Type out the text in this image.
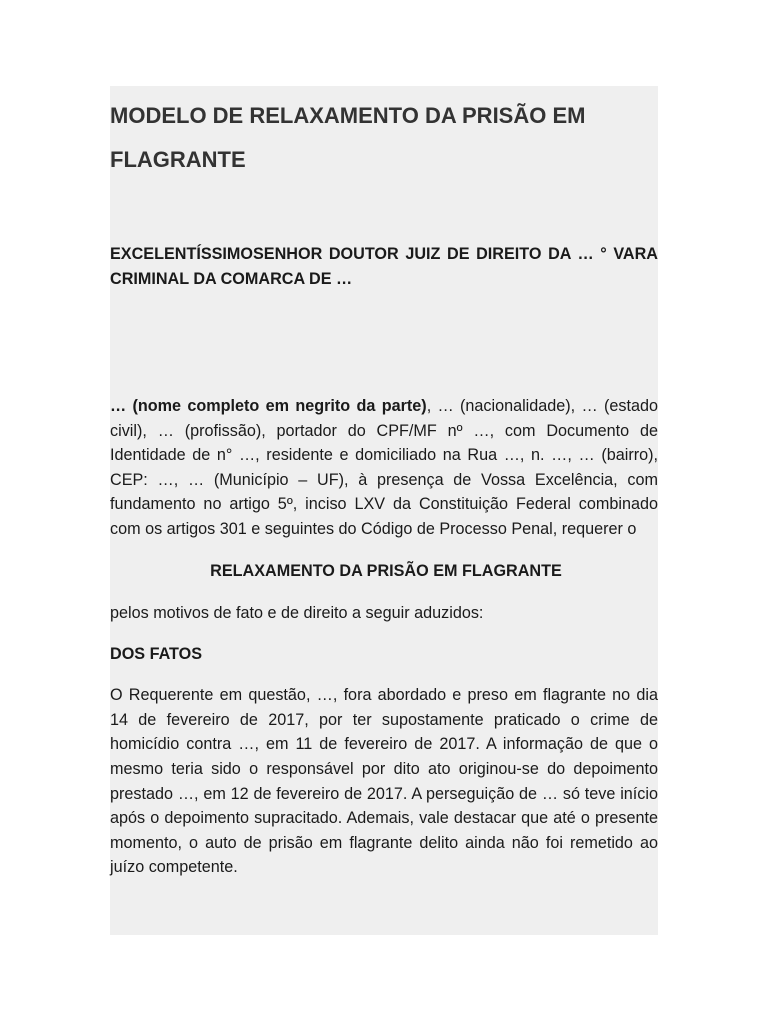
MODELO DE RELAXAMENTO DA PRISÃO EM FLAGRANTE

EXCELENTÍSSIMOSENHOR DOUTOR JUIZ DE DIREITO DA … ° VARA CRIMINAL DA COMARCA DE …

… (nome completo em negrito da parte), … (nacionalidade), … (estado civil), … (profissão), portador do CPF/MF nº …, com Documento de Identidade de n° …, residente e domiciliado na Rua …, n. …, … (bairro), CEP: …, … (Município – UF), à presença de Vossa Excelência, com fundamento no artigo 5º, inciso LXV da Constituição Federal combinado com os artigos 301 e seguintes do Código de Processo Penal, requerer o

RELAXAMENTO DA PRISÃO EM FLAGRANTE

pelos motivos de fato e de direito a seguir aduzidos:

DOS FATOS

O Requerente em questão, …, fora abordado e preso em flagrante no dia 14 de fevereiro de 2017, por ter supostamente praticado o crime de homicídio contra …, em 11 de fevereiro de 2017. A informação de que o mesmo teria sido o responsável por dito ato originou-se do depoimento prestado …, em 12 de fevereiro de 2017. A perseguição de … só teve início após o depoimento supracitado. Ademais, vale destacar que até o presente momento, o auto de prisão em flagrante delito ainda não foi remetido ao juízo competente.
